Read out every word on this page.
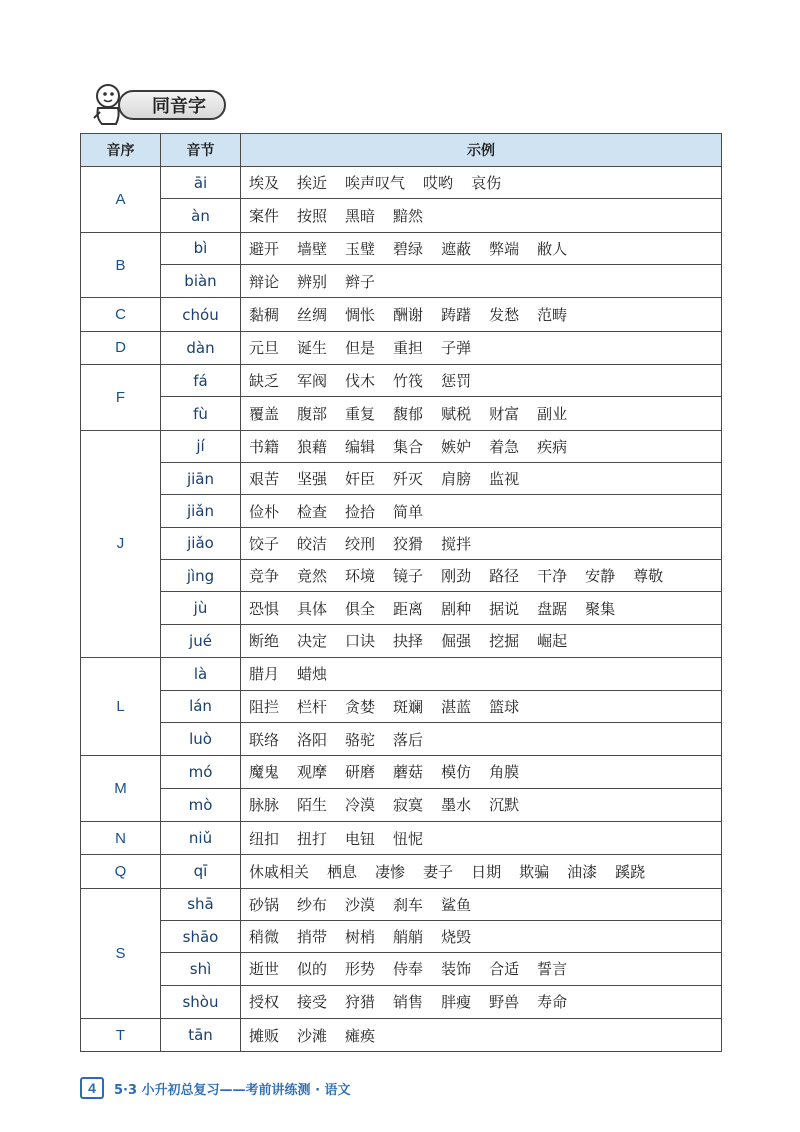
同音字
音序	音节	示例
A
āi	埃及 挨近 唉声叹气 哎哟 哀伤
àn	案件 按照 黑暗 黯然
B
bì	避开 墙壁 玉璧 碧绿 遮蔽 弊端 敝人
biàn	辩论 辨别 辫子
C	chóu	黏稠 丝绸 惆怅 酬谢 踌躇 发愁 范畴
D	dàn	元旦 诞生 但是 重担 子弹
F
fá	缺乏 军阀 伐木 竹筏 惩罚
fù	覆盖 腹部 重复 馥郁 赋税 财富 副业
J
jí	书籍 狼藉 编辑 集合 嫉妒 着急 疾病
jiān	艰苦 坚强 奸臣 歼灭 肩膀 监视
jiǎn	俭朴 检查 捡拾 简单
jiǎo	饺子 皎洁 绞刑 狡猾 搅拌
jìng	竞争 竟然 环境 镜子 刚劲 路径 干净 安静 尊敬
jù	恐惧 具体 俱全 距离 剧种 据说 盘踞 聚集
jué	断绝 决定 口诀 抉择 倔强 挖掘 崛起
L
là	腊月 蜡烛
lán	阻拦 栏杆 贪婪 斑斓 湛蓝 篮球
luò	联络 洛阳 骆驼 落后
M
mó	魔鬼 观摩 研磨 蘑菇 模仿 角膜
mò	脉脉 陌生 冷漠 寂寞 墨水 沉默
N	niǔ	纽扣 扭打 电钮 忸怩
Q	qī	休戚相关 栖息 凄惨 妻子 日期 欺骗 油漆 蹊跷
S
shā	砂锅 纱布 沙漠 刹车 鲨鱼
shāo	稍微 捎带 树梢 艄艄 烧毁
shì	逝世 似的 形势 侍奉 装饰 合适 誓言
shòu	授权 接受 狩猎 销售 胖瘦 野兽 寿命
T	tān	摊贩 沙滩 瘫痪
4	5·3 小升初总复习——考前讲练测 · 语文
